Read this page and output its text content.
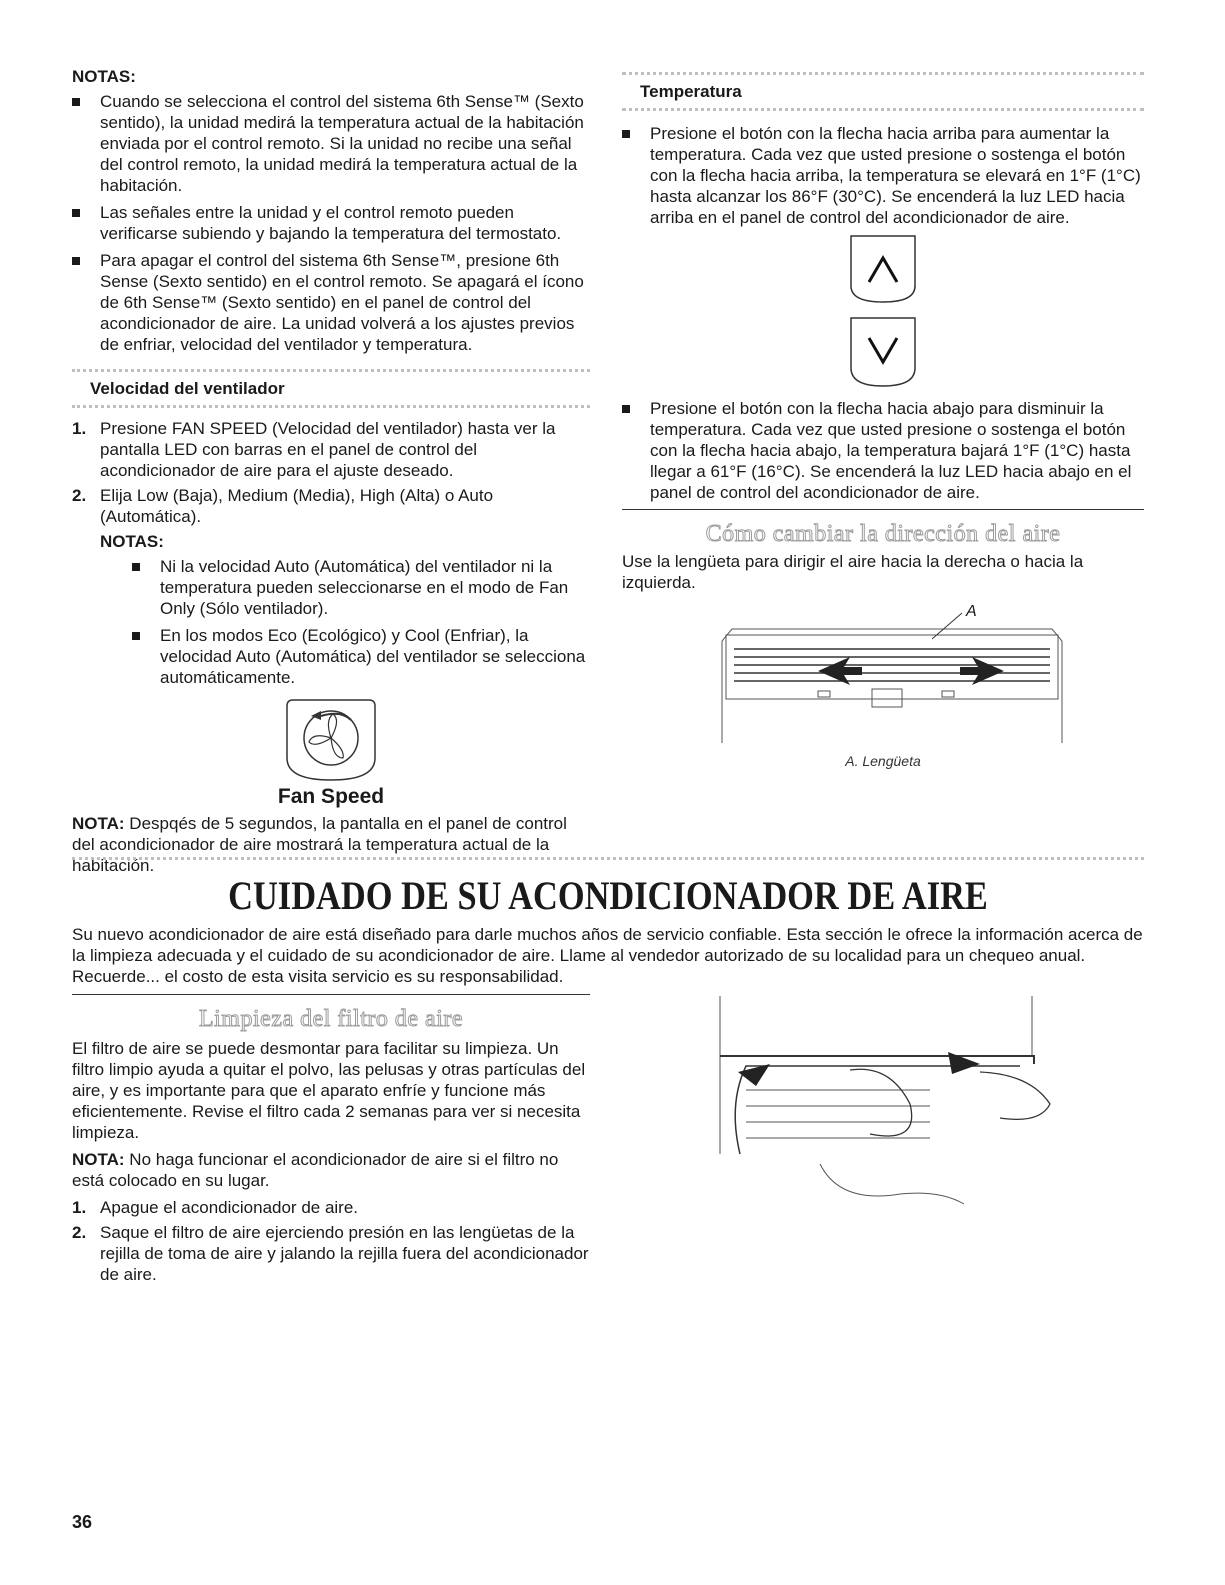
NOTAS:

Cuando se selecciona el control del sistema 6th Sense™ (Sexto sentido), la unidad medirá la temperatura actual de la habitación enviada por el control remoto. Si la unidad no recibe una señal del control remoto, la unidad medirá la temperatura actual de la habitación.
Las señales entre la unidad y el control remoto pueden verificarse subiendo y bajando la temperatura del termostato.
Para apagar el control del sistema 6th Sense™, presione 6th Sense (Sexto sentido) en el control remoto. Se apagará el ícono de 6th Sense™ (Sexto sentido) en el panel de control del acondicionador de aire. La unidad volverá a los ajustes previos de enfriar, velocidad del ventilador y temperatura.
Velocidad del ventilador
1. Presione FAN SPEED (Velocidad del ventilador) hasta ver la pantalla LED con barras en el panel de control del acondicionador de aire para el ajuste deseado.
2. Elija Low (Baja), Medium (Media), High (Alta) o Auto (Automática).

NOTAS:

Ni la velocidad Auto (Automática) del ventilador ni la temperatura pueden seleccionarse en el modo de Fan Only (Sólo ventilador).
En los modos Eco (Ecológico) y Cool (Enfriar), la velocidad Auto (Automática) del ventilador se selecciona automáticamente.

Fan Speed

NOTA: Despqés de 5 segundos, la pantalla en el panel de control del acondicionador de aire mostrará la temperatura actual de la habitación.

Temperatura
Presione el botón con la flecha hacia arriba para aumentar la temperatura. Cada vez que usted presione o sostenga el botón con la flecha hacia arriba, la temperatura se elevará en 1°F (1°C) hasta alcanzar los 86°F (30°C). Se encenderá la luz LED hacia arriba en el panel de control del acondicionador de aire.
Presione el botón con la flecha hacia abajo para disminuir la temperatura. Cada vez que usted presione o sostenga el botón con la flecha hacia abajo, la temperatura bajará 1°F (1°C) hasta llegar a 61°F (16°C). Se encenderá la luz LED hacia abajo en el panel de control del acondicionador de aire.
Cómo cambiar la dirección del aire

Use la lengüeta para dirigir el aire hacia la derecha o hacia la izquierda.

A

A. Lengüeta

CUIDADO DE SU ACONDICIONADOR DE AIRE

Su nuevo acondicionador de aire está diseñado para darle muchos años de servicio confiable. Esta sección le ofrece la información acerca de la limpieza adecuada y el cuidado de su acondicionador de aire. Llame al vendedor autorizado de su localidad para un chequeo anual. Recuerde... el costo de esta visita servicio es su responsabilidad.

Limpieza del filtro de aire

El filtro de aire se puede desmontar para facilitar su limpieza. Un filtro limpio ayuda a quitar el polvo, las pelusas y otras partículas del aire, y es importante para que el aparato enfríe y funcione más eficientemente. Revise el filtro cada 2 semanas para ver si necesita limpieza.

NOTA: No haga funcionar el acondicionador de aire si el filtro no está colocado en su lugar.

1. Apague el acondicionador de aire.
2. Saque el filtro de aire ejerciendo presión en las lengüetas de la rejilla de toma de aire y jalando la rejilla fuera del acondicionador de aire.
36
